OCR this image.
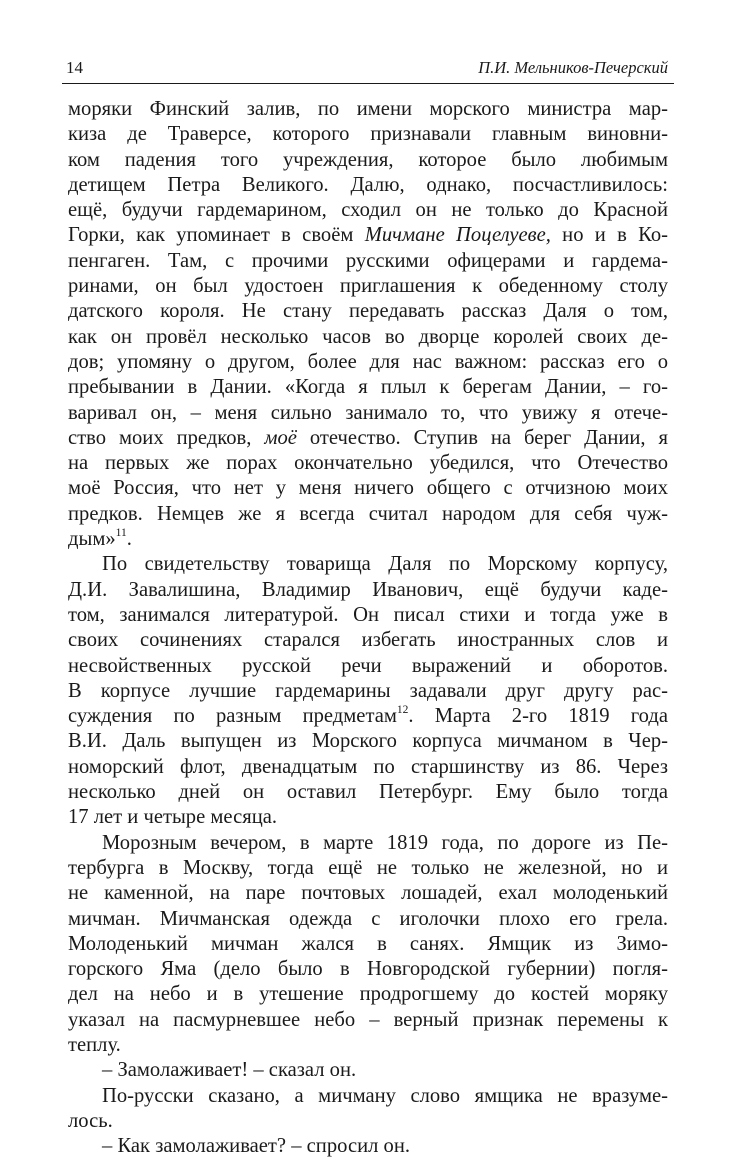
14	П.И. Мельников-Печерский
моряки Финский залив, по имени морского министра мар-
киза де Траверсе, которого признавали главным виновни-
ком падения того учреждения, которое было любимым
детищем Петра Великого. Далю, однако, посчастливилось:
ещё, будучи гардемарином, сходил он не только до Красной
Горки, как упоминает в своём Мичмане Поцелуеве, но и в Ко-
пенгаген. Там, с прочими русскими офицерами и гардема-
ринами, он был удостоен приглашения к обеденному столу
датского короля. Не стану передавать рассказ Даля о том,
как он провёл несколько часов во дворце королей своих де-
дов; упомяну о другом, более для нас важном: рассказ его о
пребывании в Дании. «Когда я плыл к берегам Дании, – го-
варивал он, – меня сильно занимало то, что увижу я отече-
ство моих предков, моё отечество. Ступив на берег Дании, я
на первых же порах окончательно убедился, что Отечество
моё Россия, что нет у меня ничего общего с отчизною моих
предков. Немцев же я всегда считал народом для себя чуж-
дым»$^{11}$.
По свидетельству товарища Даля по Морскому корпусу,
Д.И. Завалишина, Владимир Иванович, ещё будучи каде-
том, занимался литературой. Он писал стихи и тогда уже в
своих сочинениях старался избегать иностранных слов и
несвойственных русской речи выражений и оборотов.
В корпусе лучшие гардемарины задавали друг другу рас-
суждения по разным предметам$^{12}$. Марта 2-го 1819 года
В.И. Даль выпущен из Морского корпуса мичманом в Чер-
номорский флот, двенадцатым по старшинству из 86. Через
несколько дней он оставил Петербург. Ему было тогда
17 лет и четыре месяца.
Морозным вечером, в марте 1819 года, по дороге из Пе-
тербурга в Москву, тогда ещё не только не железной, но и
не каменной, на паре почтовых лошадей, ехал молоденький
мичман. Мичманская одежда с иголочки плохо его грела.
Молоденький мичман жался в санях. Ямщик из Зимо-
горского Яма (дело было в Новгородской губернии) погля-
дел на небо и в утешение продрогшему до костей моряку
указал на пасмурневшее небо – верный признак перемены к
теплу.
– Замолаживает! – сказал он.
По-русски сказано, а мичману слово ямщика не вразуме-
лось.
– Как замолаживает? – спросил он.
